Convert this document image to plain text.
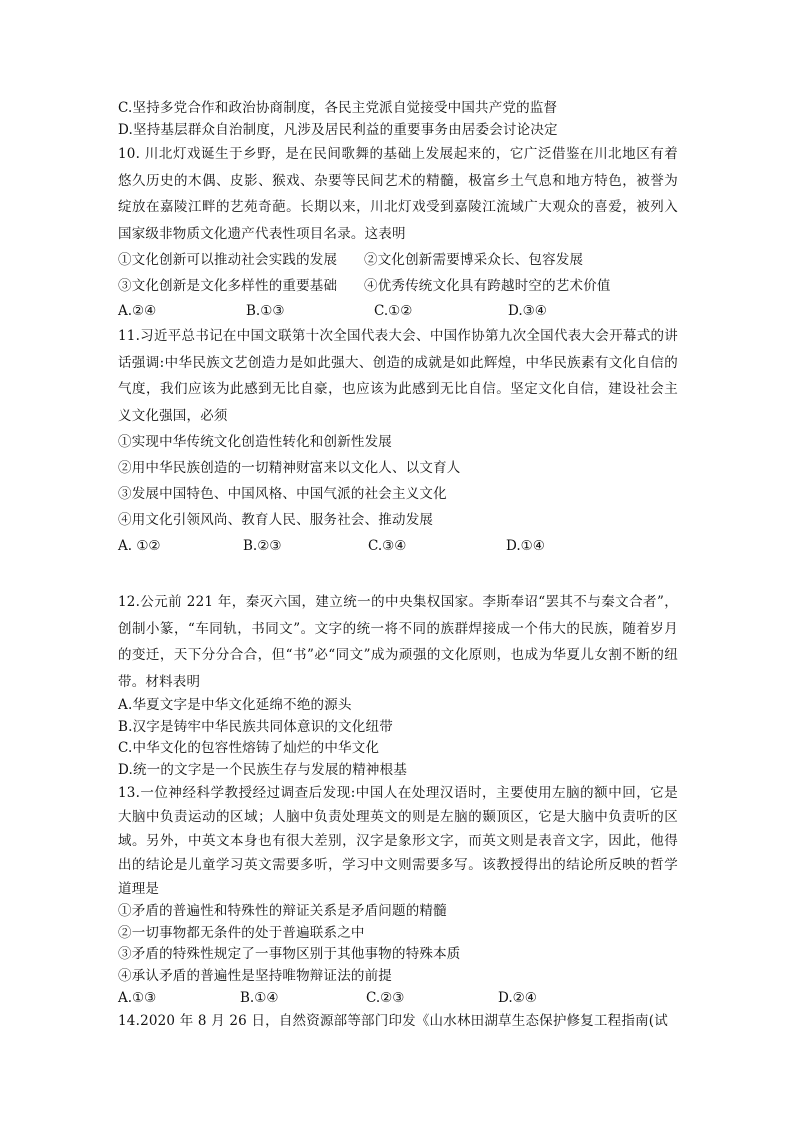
C.坚持多党合作和政治协商制度，各民主党派自觉接受中国共产党的监督
D.坚持基层群众自治制度，凡涉及居民利益的重要事务由居委会讨论决定
10. 川北灯戏诞生于乡野，是在民间歌舞的基础上发展起来的，它广泛借鉴在川北地区有着悠久历史的木偶、皮影、猴戏、杂要等民间艺术的精髓，极富乡土气息和地方特色，被誉为绽放在嘉陵江畔的艺苑奇葩。长期以来，川北灯戏受到嘉陵江流域广大观众的喜爱，被列入国家级非物质文化遗产代表性项目名录。这表明
①文化创新可以推动社会实践的发展	②文化创新需要博采众长、包容发展
③文化创新是文化多样性的重要基础	④优秀传统文化具有跨越时空的艺术价值
A.②④	B.①③	C.①②	D.③④
11.习近平总书记在中国文联第十次全国代表大会、中国作协第九次全国代表大会开幕式的讲话强调:中华民族文艺创造力是如此强大、创造的成就是如此辉煌，中华民族素有文化自信的气度，我们应该为此感到无比自豪，也应该为此感到无比自信。坚定文化自信，建设社会主义文化强国，必须
①实现中华传统文化创造性转化和创新性发展
②用中华民族创造的一切精神财富来以文化人、以文育人
③发展中国特色、中国风格、中国气派的社会主义文化
④用文化引领风尚、教育人民、服务社会、推动发展
A. ①②	B.②③	C.③④	D.①④
12.公元前 221 年，秦灭六国，建立统一的中央集权国家。李斯奉诏“罢其不与秦文合者”，创制小篆，“车同轨，书同文”。文字的统一将不同的族群焊接成一个伟大的民族，随着岁月的变迁，天下分分合合，但“书”必“同文”成为顽强的文化原则，也成为华夏儿女割不断的纽带。材料表明
A.华夏文字是中华文化延绵不绝的源头
B.汉字是铸牢中华民族共同体意识的文化纽带
C.中华文化的包容性熔铸了灿烂的中华文化
D.统一的文字是一个民族生存与发展的精神根基
13.一位神经科学教授经过调查后发现:中国人在处理汉语时，主要使用左脑的额中回，它是大脑中负责运动的区域；人脑中负责处理英文的则是左脑的颞顶区，它是大脑中负责听的区域。另外，中英文本身也有很大差别，汉字是象形文字，而英文则是表音文字，因此，他得出的结论是儿童学习英文需要多听，学习中文则需要多写。该教授得出的结论所反映的哲学道理是
①矛盾的普遍性和特殊性的辩证关系是矛盾问题的精髓
②一切事物都无条件的处于普遍联系之中
③矛盾的特殊性规定了一事物区别于其他事物的特殊本质
④承认矛盾的普遍性是坚持唯物辩证法的前提
A.①③	B.①④	C.②③	D.②④
14.2020 年 8 月 26 日，自然资源部等部门印发《山水林田湖草生态保护修复工程指南(试
